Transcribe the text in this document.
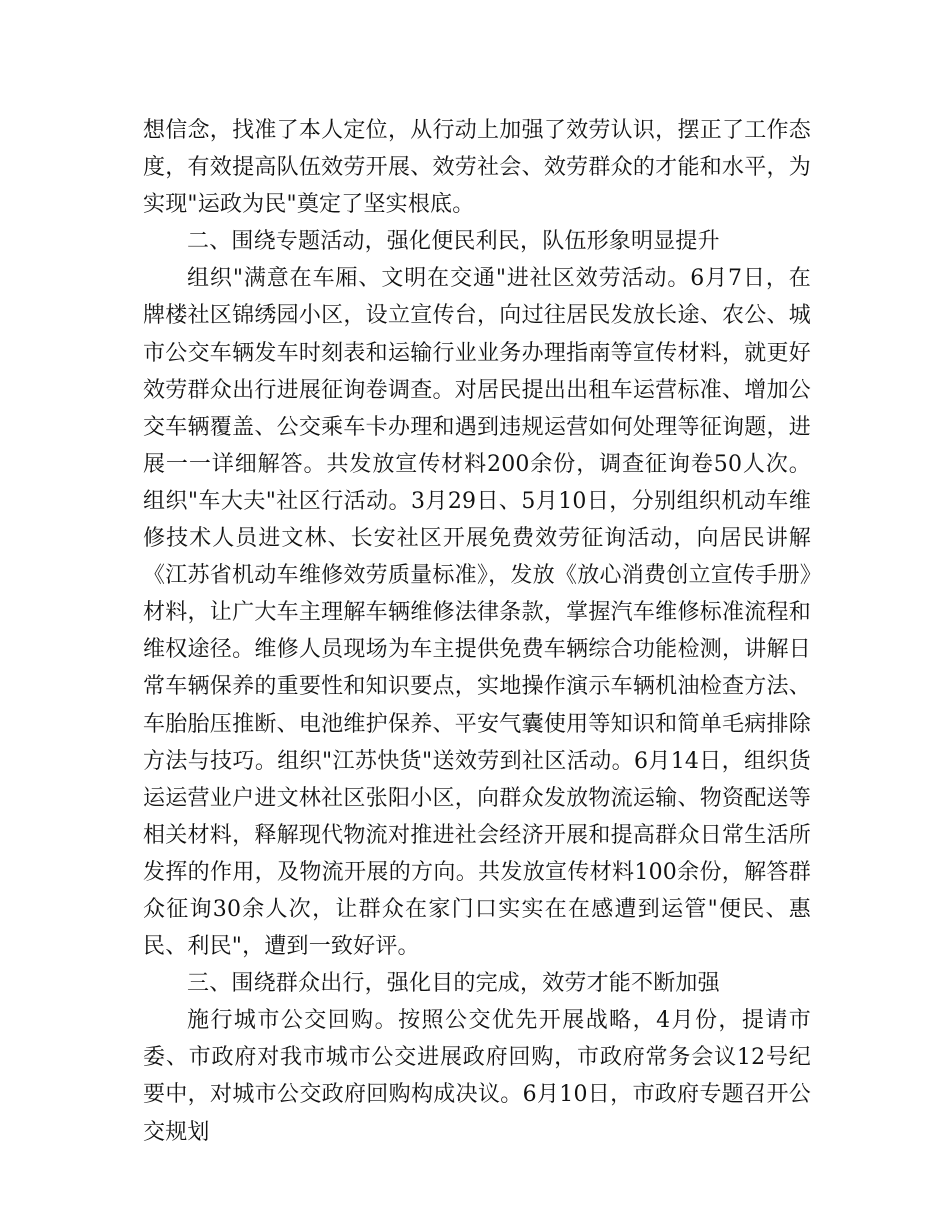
想信念，找准了本人定位，从行动上加强了效劳认识，摆正了工作态度，有效提高队伍效劳开展、效劳社会、效劳群众的才能和水平，为实现"运政为民"奠定了坚实根底。

二、围绕专题活动，强化便民利民，队伍形象明显提升

组织"满意在车厢、文明在交通"进社区效劳活动。6月7日，在牌楼社区锦绣园小区，设立宣传台，向过往居民发放长途、农公、城市公交车辆发车时刻表和运输行业业务办理指南等宣传材料，就更好效劳群众出行进展征询卷调查。对居民提出出租车运营标准、增加公交车辆覆盖、公交乘车卡办理和遇到违规运营如何处理等征询题，进展一一详细解答。共发放宣传材料200余份，调查征询卷50人次。组织"车大夫"社区行活动。3月29日、5月10日，分别组织机动车维修技术人员进文林、长安社区开展免费效劳征询活动，向居民讲解《江苏省机动车维修效劳质量标准》，发放《放心消费创立宣传手册》材料，让广大车主理解车辆维修法律条款，掌握汽车维修标准流程和维权途径。维修人员现场为车主提供免费车辆综合功能检测，讲解日常车辆保养的重要性和知识要点，实地操作演示车辆机油检查方法、车胎胎压推断、电池维护保养、平安气囊使用等知识和简单毛病排除方法与技巧。组织"江苏快货"送效劳到社区活动。6月14日，组织货运运营业户进文林社区张阳小区，向群众发放物流运输、物资配送等相关材料，释解现代物流对推进社会经济开展和提高群众日常生活所发挥的作用，及物流开展的方向。共发放宣传材料100余份，解答群众征询30余人次，让群众在家门口实实在在感遭到运管"便民、惠民、利民"，遭到一致好评。

三、围绕群众出行，强化目的完成，效劳才能不断加强

施行城市公交回购。按照公交优先开展战略，4月份，提请市委、市政府对我市城市公交进展政府回购，市政府常务会议12号纪要中，对城市公交政府回购构成决议。6月10日，市政府专题召开公交规划
